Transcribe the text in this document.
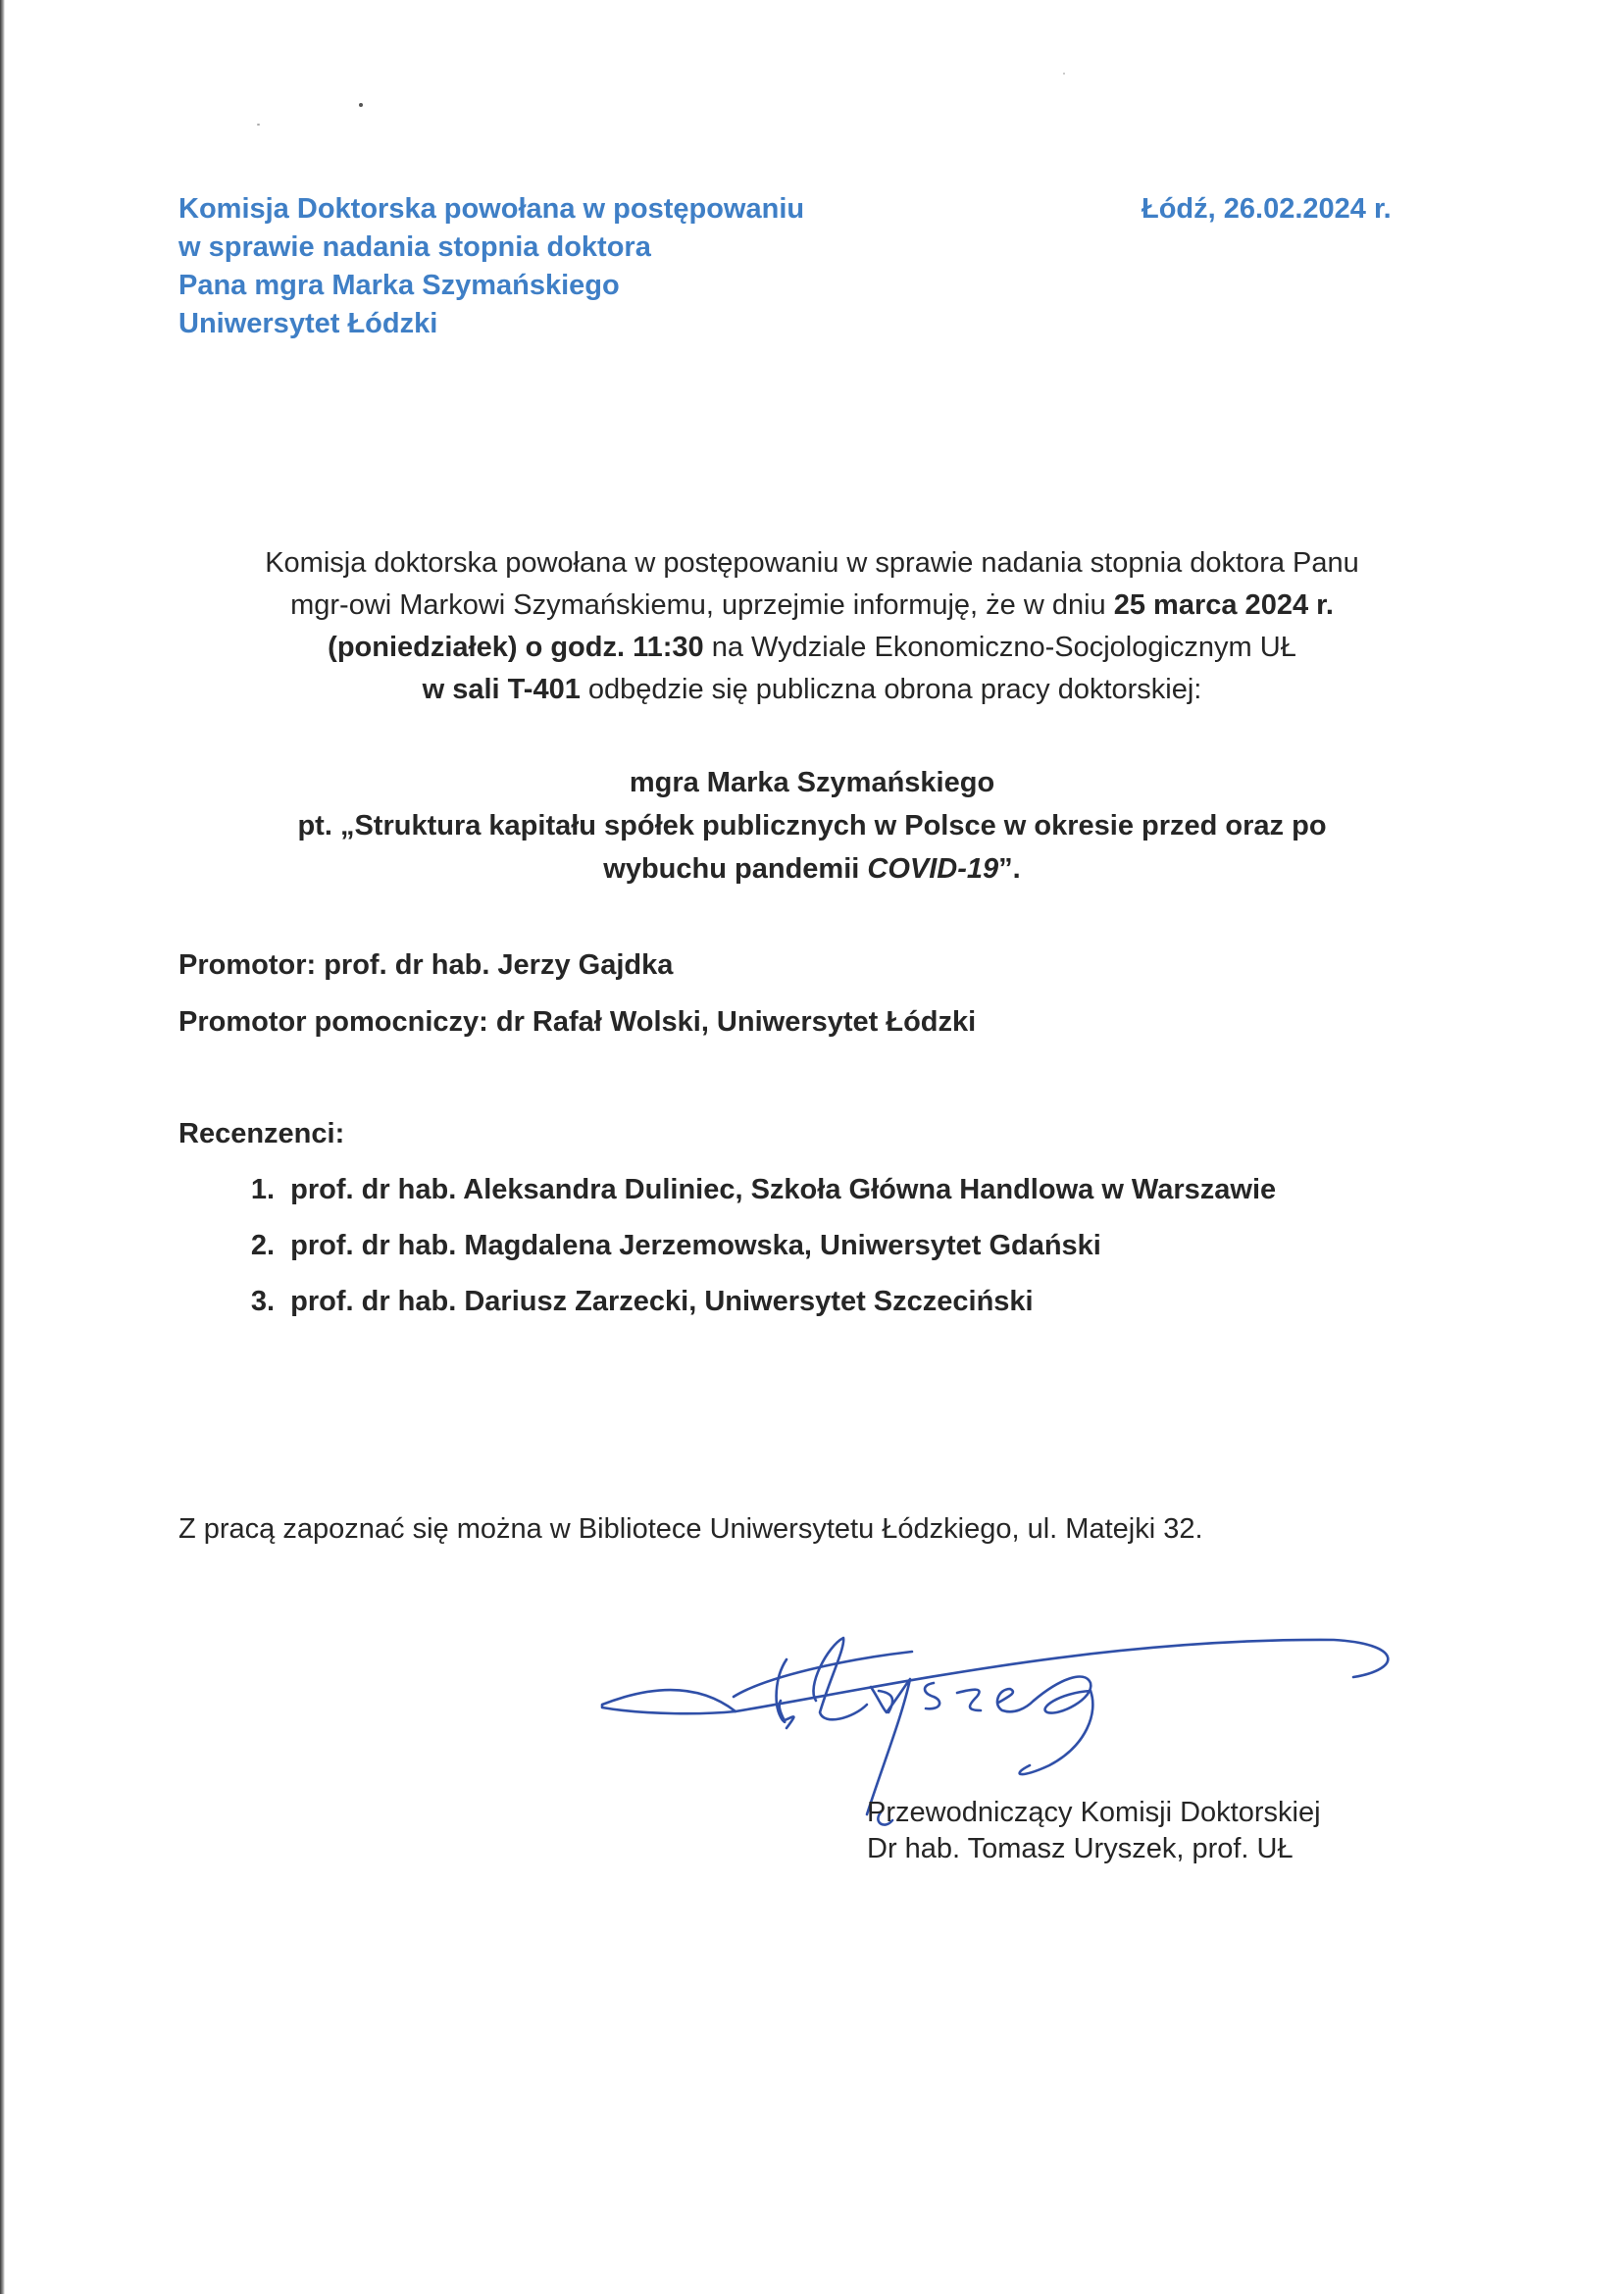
Komisja Doktorska powołana w postępowaniu
w sprawie nadania stopnia doktora
Pana mgra Marka Szymańskiego
Uniwersytet Łódzki
Łódź, 26.02.2024 r.
Komisja doktorska powołana w postępowaniu w sprawie nadania stopnia doktora Panu
mgr-owi Markowi Szymańskiemu, uprzejmie informuję, że w dniu 25 marca 2024 r.
(poniedziałek) o godz. 11:30 na Wydziale Ekonomiczno-Socjologicznym UŁ
w sali T-401 odbędzie się publiczna obrona pracy doktorskiej:
mgra Marka Szymańskiego
pt. „Struktura kapitału spółek publicznych w Polsce w okresie przed oraz po
wybuchu pandemii COVID-19”.
Promotor: prof. dr hab. Jerzy Gajdka
Promotor pomocniczy: dr Rafał Wolski, Uniwersytet Łódzki
Recenzenci:
1. prof. dr hab. Aleksandra Duliniec, Szkoła Główna Handlowa w Warszawie
2. prof. dr hab. Magdalena Jerzemowska, Uniwersytet Gdański
3. prof. dr hab. Dariusz Zarzecki, Uniwersytet Szczeciński
Z pracą zapoznać się można w Bibliotece Uniwersytetu Łódzkiego, ul. Matejki 32.
Przewodniczący Komisji Doktorskiej
Dr hab. Tomasz Uryszek, prof. UŁ
